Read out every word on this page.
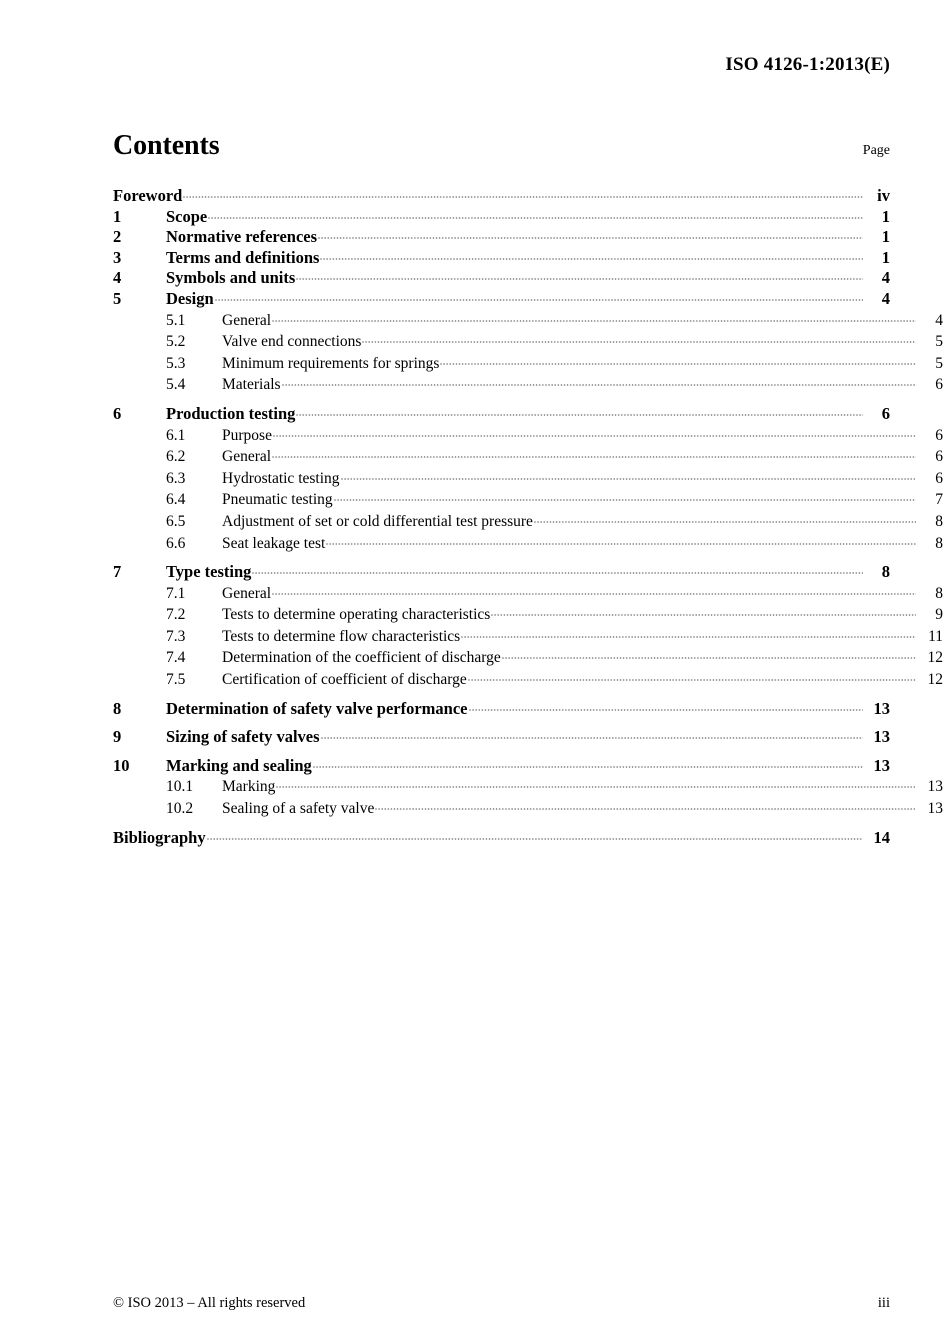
ISO 4126-1:2013(E)
Contents	Page
Foreword	iv
1	Scope	1
2	Normative references	1
3	Terms and definitions	1
4	Symbols and units	4
5	Design	4
5.1	General	4
5.2	Valve end connections	5
5.3	Minimum requirements for springs	5
5.4	Materials	6
6	Production testing	6
6.1	Purpose	6
6.2	General	6
6.3	Hydrostatic testing	6
6.4	Pneumatic testing	7
6.5	Adjustment of set or cold differential test pressure	8
6.6	Seat leakage test	8
7	Type testing	8
7.1	General	8
7.2	Tests to determine operating characteristics	9
7.3	Tests to determine flow characteristics	11
7.4	Determination of the coefficient of discharge	12
7.5	Certification of coefficient of discharge	12
8	Determination of safety valve performance	13
9	Sizing of safety valves	13
10	Marking and sealing	13
10.1	Marking	13
10.2	Sealing of a safety valve	13
Bibliography	14
© ISO 2013 – All rights reserved	iii
